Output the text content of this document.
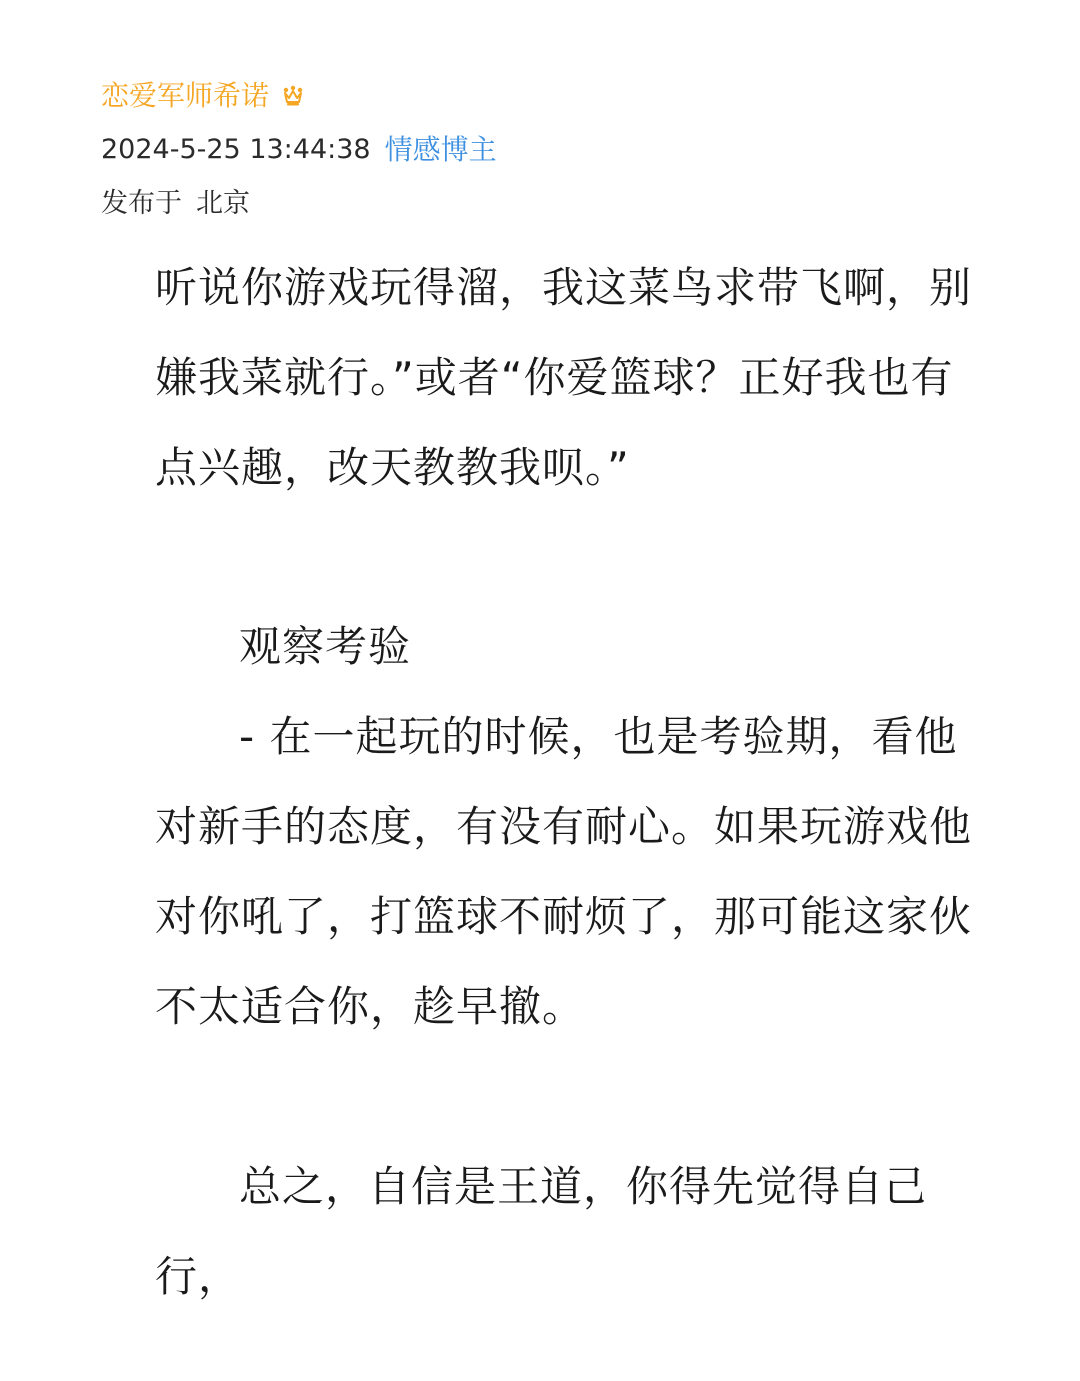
恋爱军师希诺
2024-5-25 13:44:38 情感博主
发布于 北京

听说你游戏玩得溜，我这菜鸟求带飞啊，别嫌我菜就行。”或者“你爱篮球？正好我也有点兴趣，改天教教我呗。”

观察考验

- 在一起玩的时候，也是考验期，看他对新手的态度，有没有耐心。如果玩游戏他对你吼了，打篮球不耐烦了，那可能这家伙不太适合你，趁早撤。

总之，自信是王道，你得先觉得自己行，
